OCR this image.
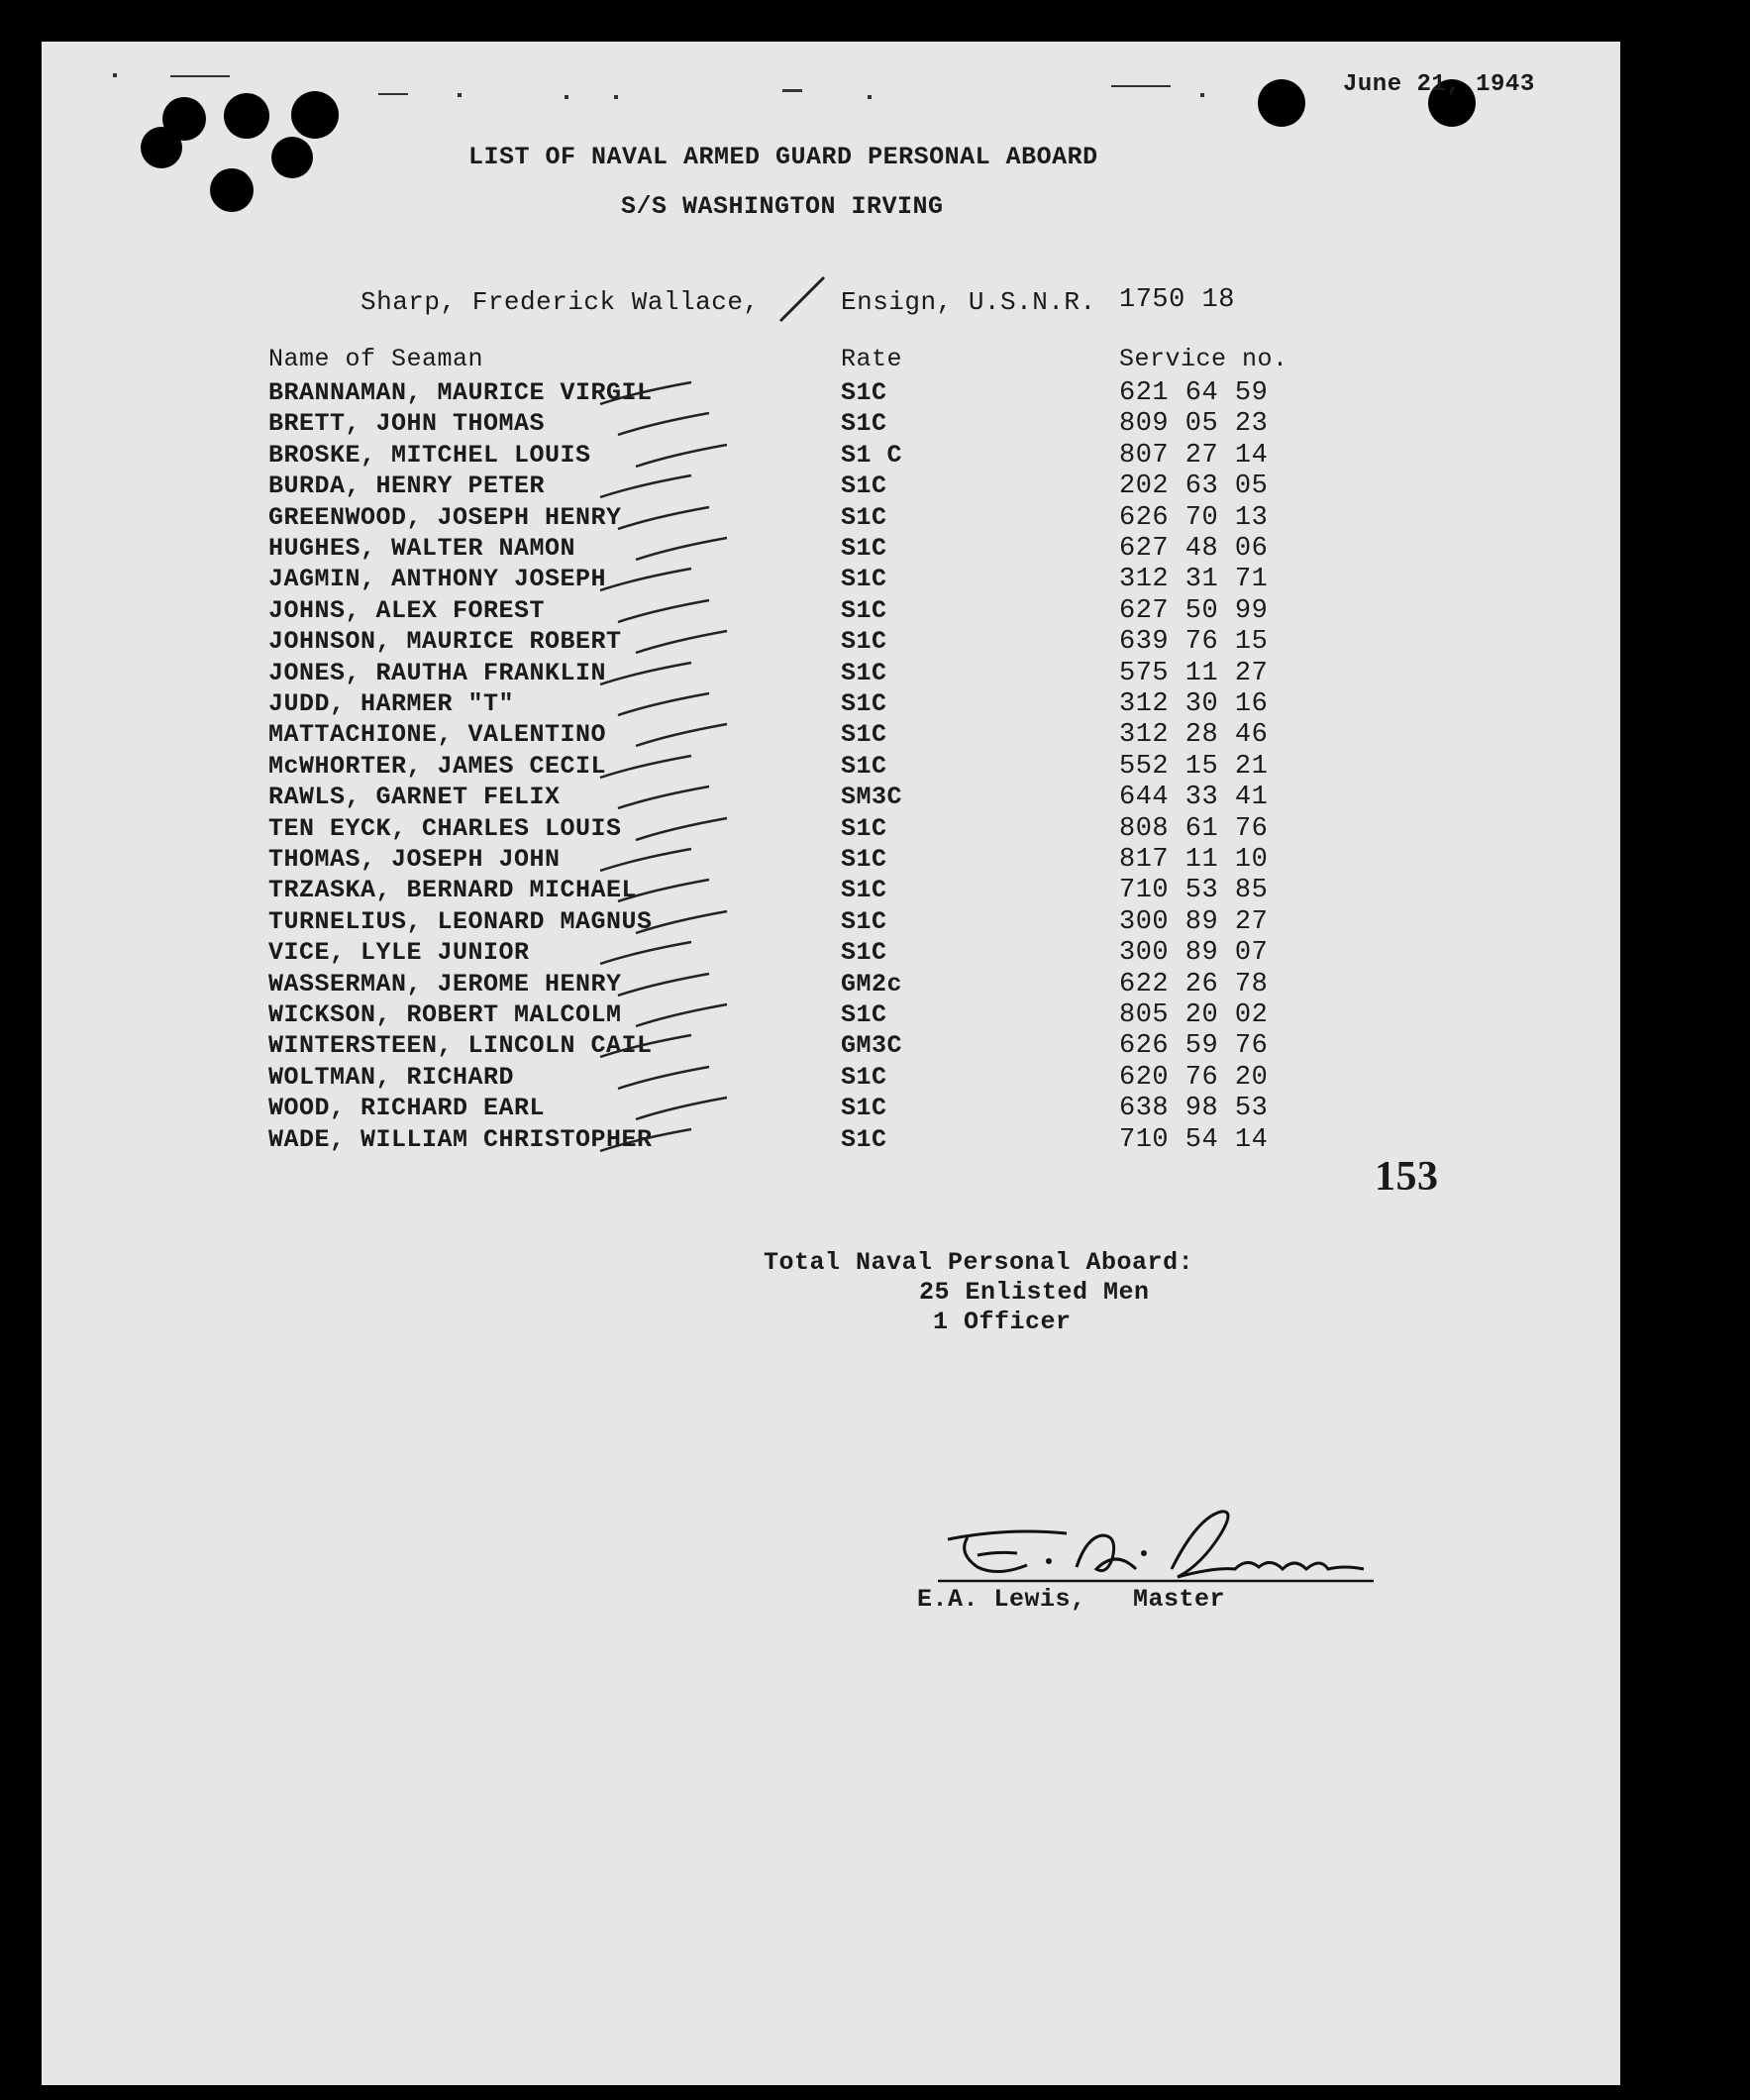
June 21, 1943
LIST OF NAVAL ARMED GUARD PERSONAL ABOARD
S/S WASHINGTON IRVING
Sharp, Frederick Wallace,	Ensign, U.S.N.R. 1750 18
Name of Seaman	Rate	Service no.
BRANNAMAN, MAURICE VIRGIL	S1C	621 64 59
BRETT, JOHN THOMAS	S1C	809 05 23
BROSKE, MITCHEL LOUIS	S1 C	807 27 14
BURDA, HENRY PETER	S1C	202 63 05
GREENWOOD, JOSEPH HENRY	S1C	626 70 13
HUGHES, WALTER NAMON	S1C	627 48 06
JAGMIN, ANTHONY JOSEPH	S1C	312 31 71
JOHNS, ALEX FOREST	S1C	627 50 99
JOHNSON, MAURICE ROBERT	S1C	639 76 15
JONES, RAUTHA FRANKLIN	S1C	575 11 27
JUDD, HARMER "T"	S1C	312 30 16
MATTACHIONE, VALENTINO	S1C	312 28 46
McWHORTER, JAMES CECIL	S1C	552 15 21
RAWLS, GARNET FELIX	SM3C	644 33 41
TEN EYCK, CHARLES LOUIS	S1C	808 61 76
THOMAS, JOSEPH JOHN	S1C	817 11 10
TRZASKA, BERNARD MICHAEL	S1C	710 53 85
TURNELIUS, LEONARD MAGNUS	S1C	300 89 27
VICE, LYLE JUNIOR	S1C	300 89 07
WASSERMAN, JEROME HENRY	GM2c	622 26 78
WICKSON, ROBERT MALCOLM	S1C	805 20 02
WINTERSTEEN, LINCOLN CAIL	GM3C	626 59 76
WOLTMAN, RICHARD	S1C	620 76 20
WOOD, RICHARD EARL	S1C	638 98 53
WADE, WILLIAM CHRISTOPHER	S1C	710 54 14
153
Total Naval Personal Aboard:
25 Enlisted Men
1 Officer
E.A. Lewis, Master
